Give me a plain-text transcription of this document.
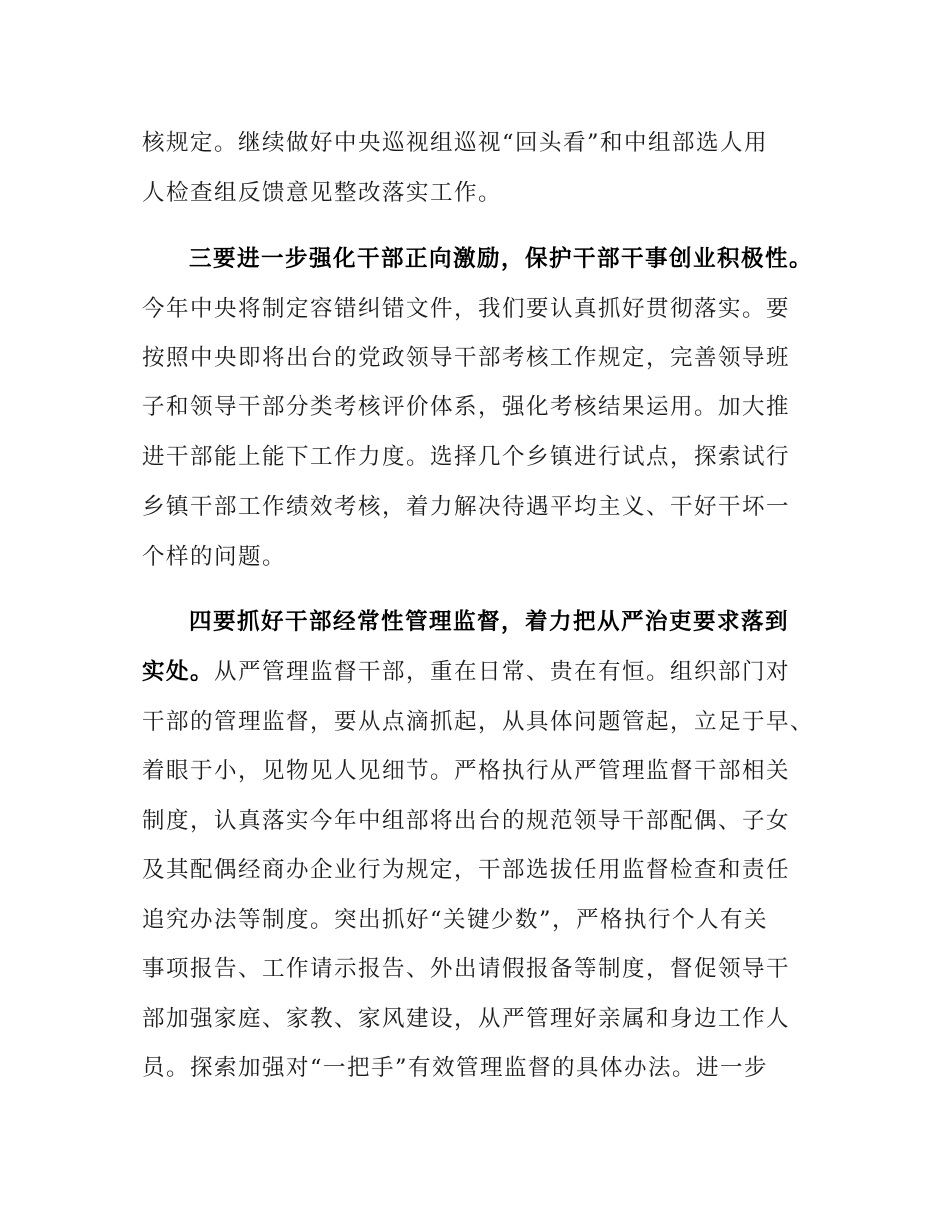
核规定。继续做好中央巡视组巡视“回头看”和中组部选人用
人检查组反馈意见整改落实工作。
三要进一步强化干部正向激励，保护干部干事创业积极性。
今年中央将制定容错纠错文件，我们要认真抓好贯彻落实。要
按照中央即将出台的党政领导干部考核工作规定，完善领导班
子和领导干部分类考核评价体系，强化考核结果运用。加大推
进干部能上能下工作力度。选择几个乡镇进行试点，探索试行
乡镇干部工作绩效考核，着力解决待遇平均主义、干好干坏一
个样的问题。
四要抓好干部经常性管理监督，着力把从严治吏要求落到
实处。从严管理监督干部，重在日常、贵在有恒。组织部门对
干部的管理监督，要从点滴抓起，从具体问题管起，立足于早、
着眼于小，见物见人见细节。严格执行从严管理监督干部相关
制度，认真落实今年中组部将出台的规范领导干部配偶、子女
及其配偶经商办企业行为规定，干部选拔任用监督检查和责任
追究办法等制度。突出抓好“关键少数”，严格执行个人有关
事项报告、工作请示报告、外出请假报备等制度，督促领导干
部加强家庭、家教、家风建设，从严管理好亲属和身边工作人
员。探索加强对“一把手”有效管理监督的具体办法。进一步
